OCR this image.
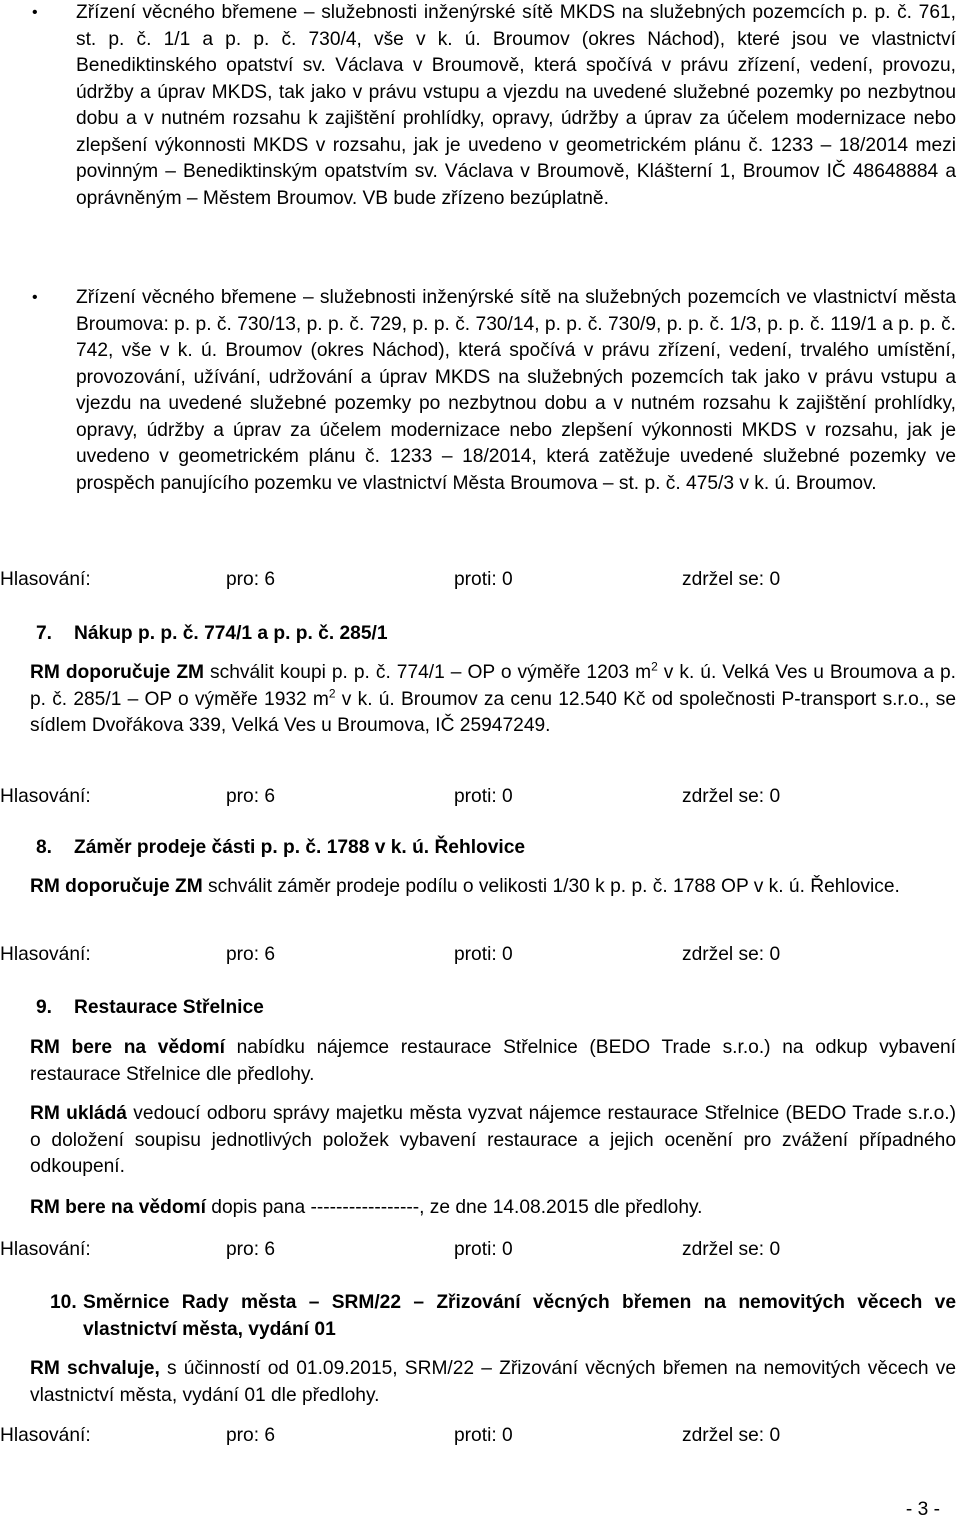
• Zřízení věcného břemene – služebnosti inženýrské sítě MKDS na služebných pozemcích p. p. č. 761, st. p. č. 1/1 a p. p. č. 730/4, vše v k. ú. Broumov (okres Náchod), které jsou ve vlastnictví Benediktinského opatství sv. Václava v Broumově, která spočívá v právu zřízení, vedení, provozu, údržby a úprav MKDS, tak jako v právu vstupu a vjezdu na uvedené služebné pozemky po nezbytnou dobu a v nutném rozsahu k zajištění prohlídky, opravy, údržby a úprav za účelem modernizace nebo zlepšení výkonnosti MKDS v rozsahu, jak je uvedeno v geometrickém plánu č. 1233 – 18/2014 mezi povinným – Benediktinským opatstvím sv. Václava v Broumově, Klášterní 1, Broumov IČ 48648884 a oprávněným – Městem Broumov. VB bude zřízeno bezúplatně.
• Zřízení věcného břemene – služebnosti inženýrské sítě na služebných pozemcích ve vlastnictví města Broumova: p. p. č. 730/13, p. p. č. 729, p. p. č. 730/14, p. p. č. 730/9, p. p. č. 1/3, p. p. č. 119/1 a p. p. č. 742, vše v k. ú. Broumov (okres Náchod), která spočívá v právu zřízení, vedení, trvalého umístění, provozování, užívání, udržování a úprav MKDS na služebných pozemcích tak jako v právu vstupu a vjezdu na uvedené služebné pozemky po nezbytnou dobu a v nutném rozsahu k zajištění prohlídky, opravy, údržby a úprav za účelem modernizace nebo zlepšení výkonnosti MKDS v rozsahu, jak je uvedeno v geometrickém plánu č. 1233 – 18/2014, která zatěžuje uvedené služebné pozemky ve prospěch panujícího pozemku ve vlastnictví Města Broumova – st. p. č. 475/3 v k. ú. Broumov.
Hlasování:	pro: 6	proti: 0	zdržel se: 0
7.	Nákup p. p. č. 774/1 a p. p. č. 285/1
RM doporučuje ZM schválit koupi p. p. č. 774/1 – OP o výměře 1203 $m^2$ v k. ú. Velká Ves u Broumova a p. p. č. 285/1 – OP o výměře 1932 $m^2$ v k. ú. Broumov za cenu 12.540 Kč od společnosti P-transport s.r.o., se sídlem Dvořákova 339, Velká Ves u Broumova, IČ 25947249.
Hlasování:	pro: 6	proti: 0	zdržel se: 0
8.	Záměr prodeje části p. p. č. 1788 v k. ú. Řehlovice
RM doporučuje ZM schválit záměr prodeje podílu o velikosti 1/30 k p. p. č. 1788 OP v k. ú. Řehlovice.
Hlasování:	pro: 6	proti: 0	zdržel se: 0
9.	Restaurace Střelnice
RM bere na vědomí nabídku nájemce restaurace Střelnice (BEDO Trade s.r.o.) na odkup vybavení restaurace Střelnice dle předlohy.
RM ukládá vedoucí odboru správy majetku města vyzvat nájemce restaurace Střelnice (BEDO Trade s.r.o.) o doložení soupisu jednotlivých položek vybavení restaurace a jejich ocenění pro zvážení případného odkoupení.
RM bere na vědomí dopis pana -----------------, ze dne 14.08.2015 dle předlohy.
Hlasování:	pro: 6	proti: 0	zdržel se: 0
10. Směrnice Rady města – SRM/22 – Zřizování věcných břemen na nemovitých věcech ve vlastnictví města, vydání 01
RM schvaluje, s účinností od 01.09.2015, SRM/22 – Zřizování věcných břemen na nemovitých věcech ve vlastnictví města, vydání 01 dle předlohy.
Hlasování:	pro: 6	proti: 0	zdržel se: 0
- 3 -
